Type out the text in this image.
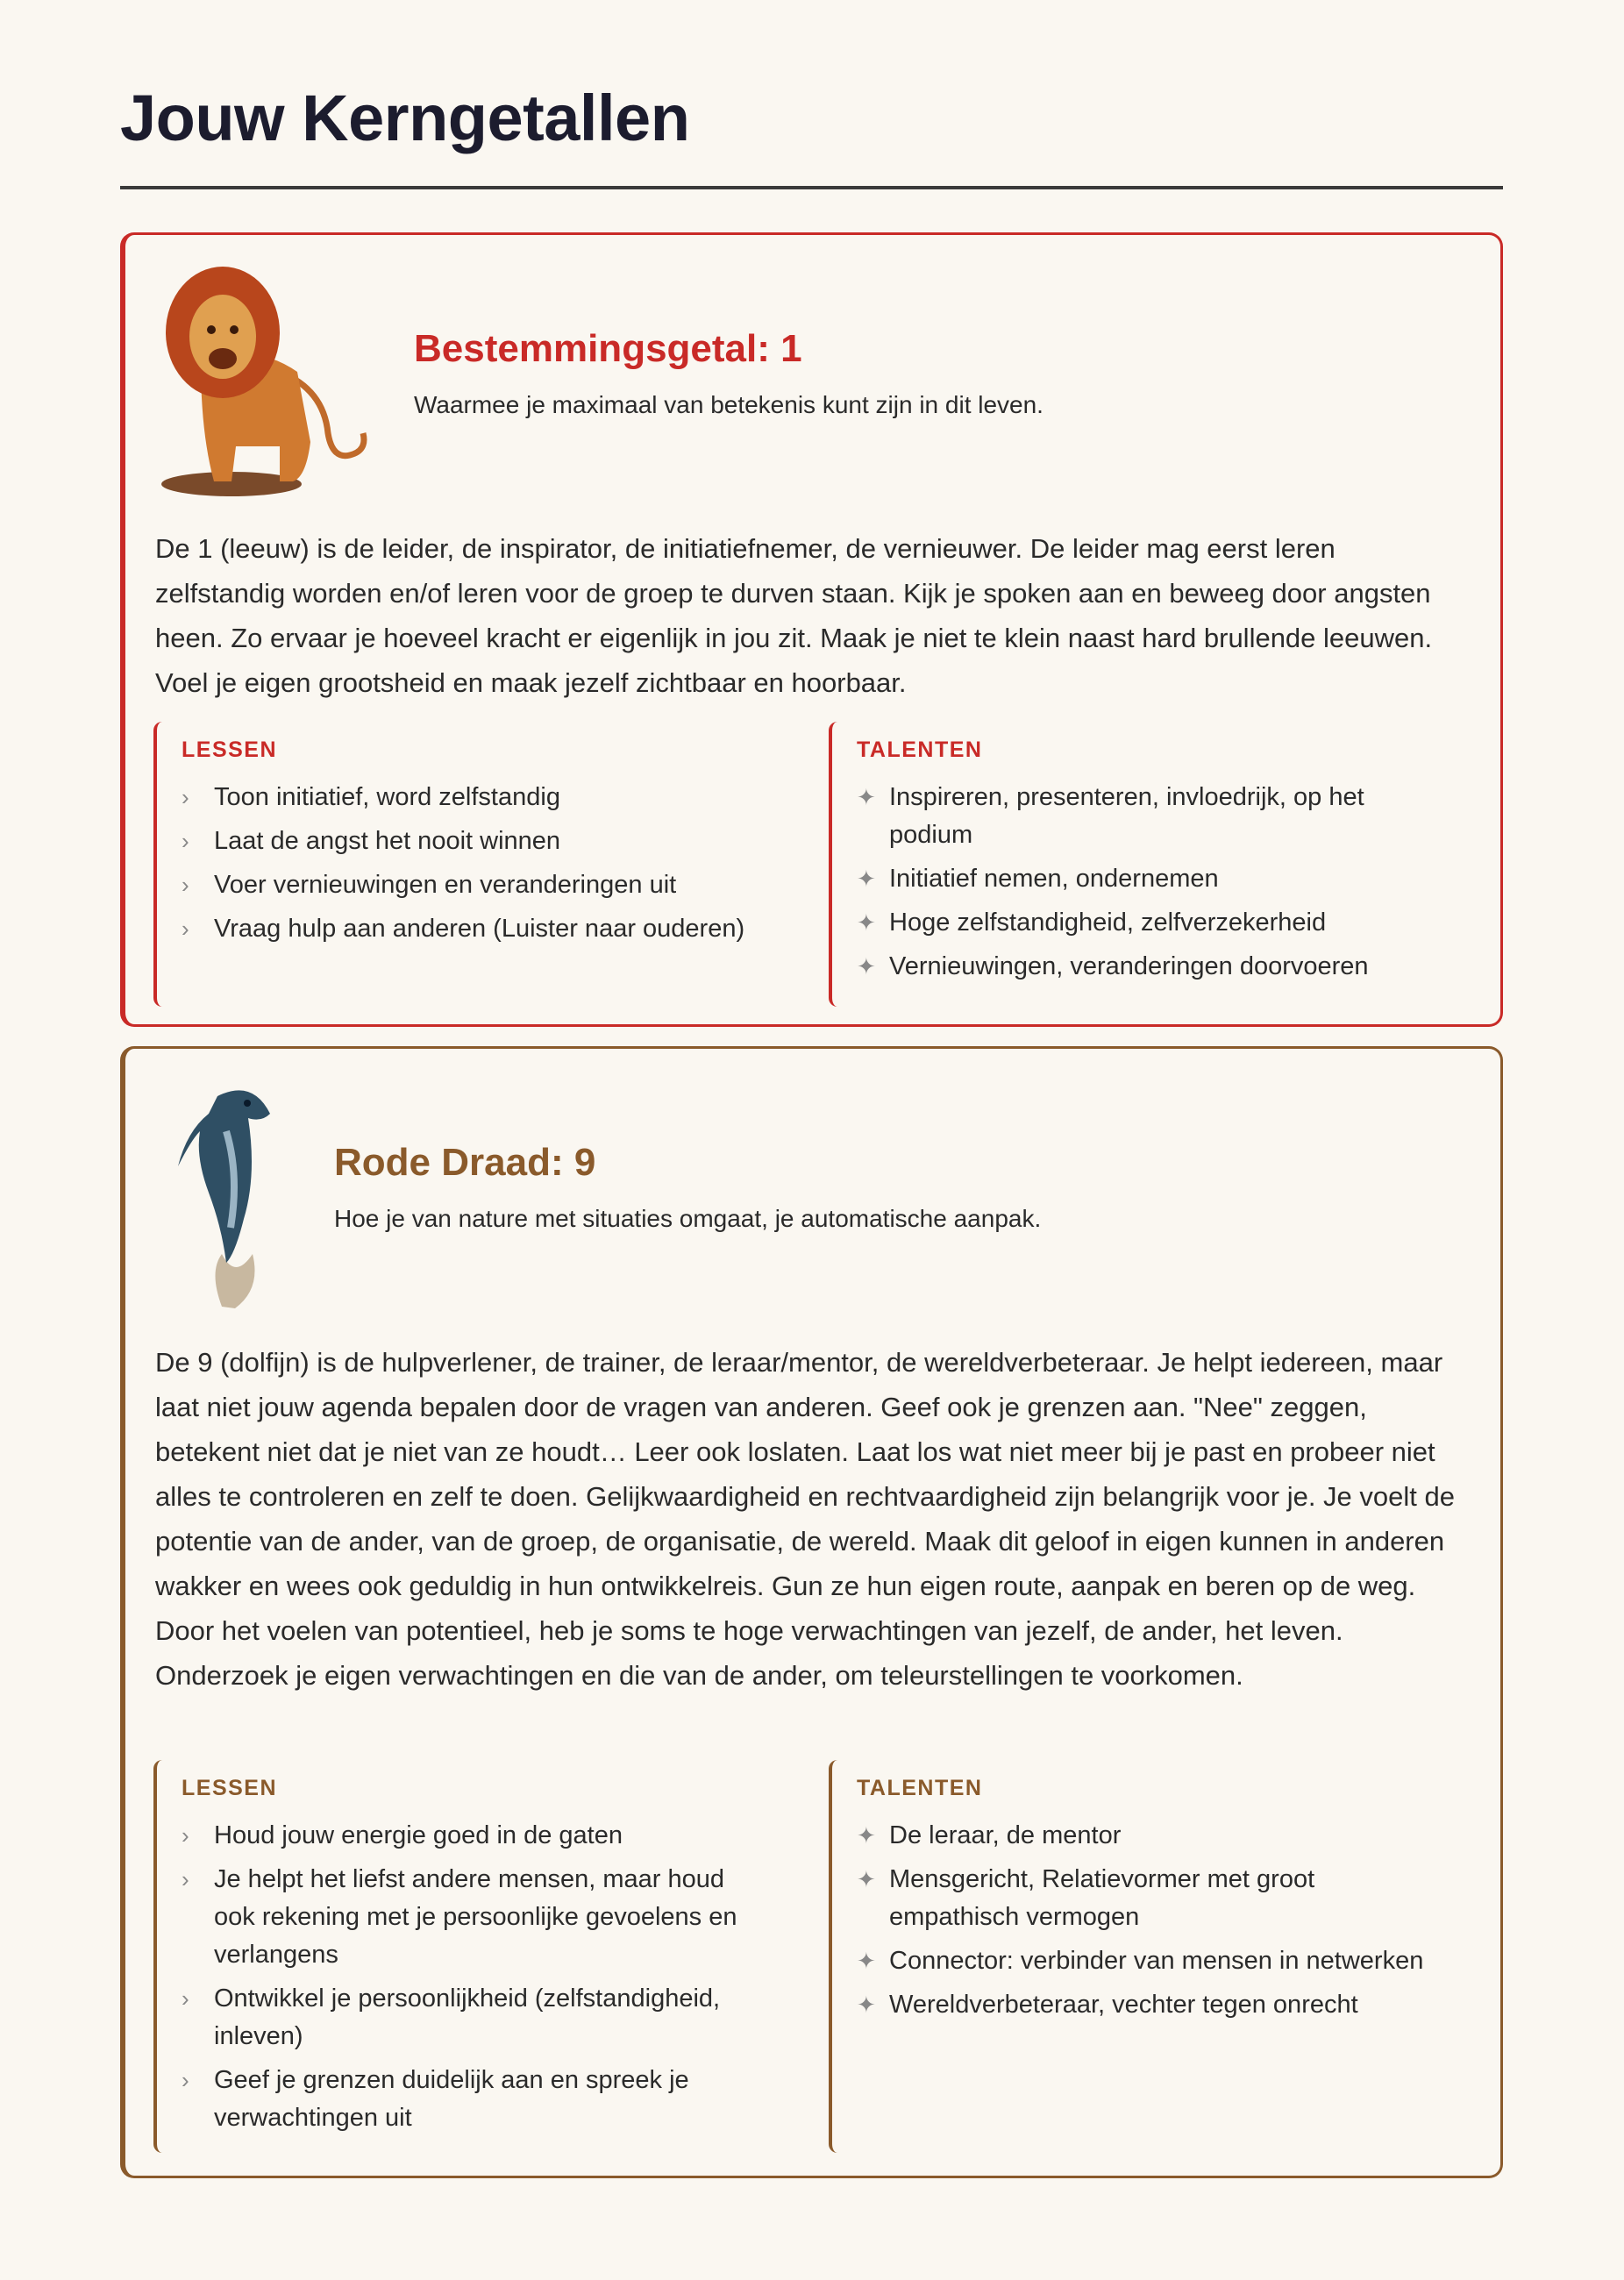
Jouw Kerngetallen
Bestemmingsgetal: 1
Waarmee je maximaal van betekenis kunt zijn in dit leven.

De 1 (leeuw) is de leider, de inspirator, de initiatiefnemer, de vernieuwer. De leider mag eerst leren zelfstandig worden en/of leren voor de groep te durven staan. Kijk je spoken aan en beweeg door angsten heen. Zo ervaar je hoeveel kracht er eigenlijk in jou zit. Maak je niet te klein naast hard brullende leeuwen. Voel je eigen grootsheid en maak jezelf zichtbaar en hoorbaar.

LESSEN
› Toon initiatief, word zelfstandig
› Laat de angst het nooit winnen
› Voer vernieuwingen en veranderingen uit
› Vraag hulp aan anderen (Luister naar ouderen)
TALENTEN
✦ Inspireren, presenteren, invloedrijk, op het podium
✦ Initiatief nemen, ondernemen
✦ Hoge zelfstandigheid, zelfverzekerheid
✦ Vernieuwingen, veranderingen doorvoeren
Rode Draad: 9
Hoe je van nature met situaties omgaat, je automatische aanpak.

De 9 (dolfijn) is de hulpverlener, de trainer, de leraar/mentor, de wereldverbeteraar. Je helpt iedereen, maar laat niet jouw agenda bepalen door de vragen van anderen. Geef ook je grenzen aan. "Nee" zeggen, betekent niet dat je niet van ze houdt… Leer ook loslaten. Laat los wat niet meer bij je past en probeer niet alles te controleren en zelf te doen. Gelijkwaardigheid en rechtvaardigheid zijn belangrijk voor je. Je voelt de potentie van de ander, van de groep, de organisatie, de wereld. Maak dit geloof in eigen kunnen in anderen wakker en wees ook geduldig in hun ontwikkelreis. Gun ze hun eigen route, aanpak en beren op de weg. Door het voelen van potentieel, heb je soms te hoge verwachtingen van jezelf, de ander, het leven. Onderzoek je eigen verwachtingen en die van de ander, om teleurstellingen te voorkomen.

LESSEN
› Houd jouw energie goed in de gaten
› Je helpt het liefst andere mensen, maar houd ook rekening met je persoonlijke gevoelens en verlangens
› Ontwikkel je persoonlijkheid (zelfstandigheid, inleven)
› Geef je grenzen duidelijk aan en spreek je verwachtingen uit
TALENTEN
✦ De leraar, de mentor
✦ Mensgericht, Relatievormer met groot empathisch vermogen
✦ Connector: verbinder van mensen in netwerken
✦ Wereldverbeteraar, vechter tegen onrecht
